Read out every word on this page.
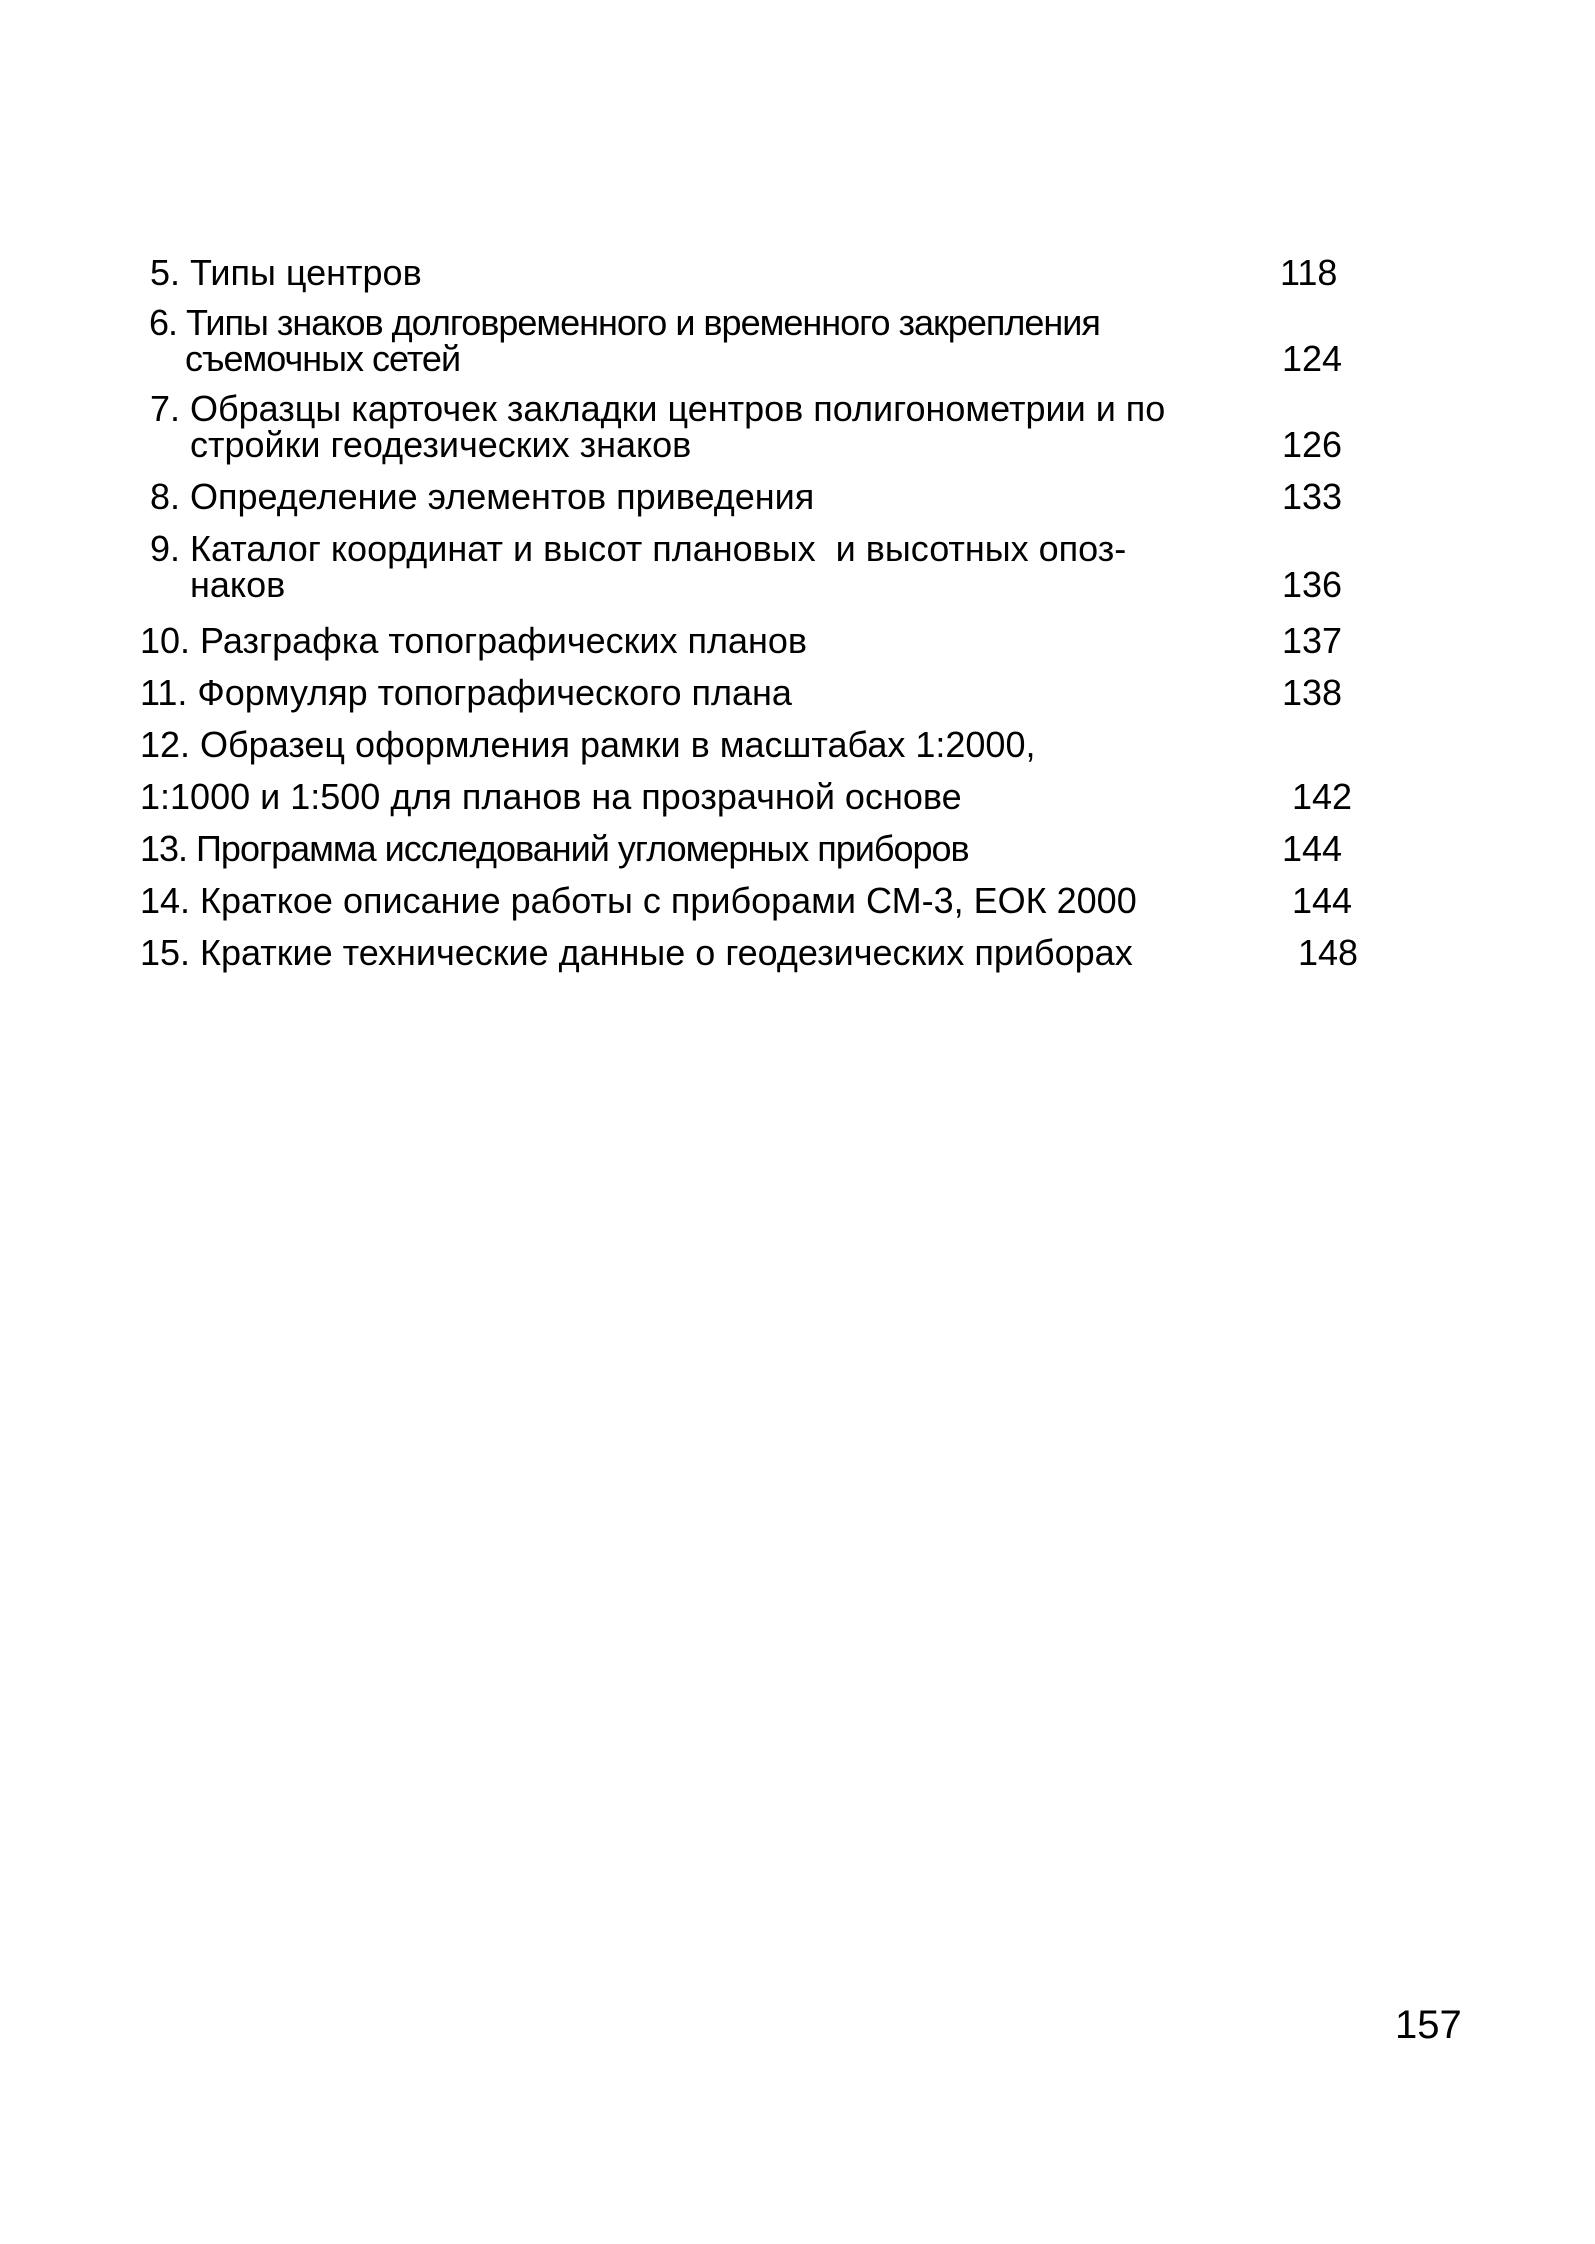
5. Типы центров	118
6. Типы знаков долговременного и временного закрепления
съемочных сетей	124
7. Образцы карточек закладки центров полигонометрии и по
стройки геодезических знаков	126
8. Определение элементов приведения	133
9. Каталог координат и высот плановых  и высотных опоз-
наков	136
10. Разграфка топографических планов	137
11. Формуляр топографического плана	138
12. Образец оформления рамки в масштабах 1:2000,
1:1000 и 1:500 для планов на прозрачной основе	142
13. Программа исследований угломерных приборов	144
14. Краткое описание работы с приборами СМ-3, ЕОК 2000	144
15. Краткие технические данные о геодезических приборах	148
157
